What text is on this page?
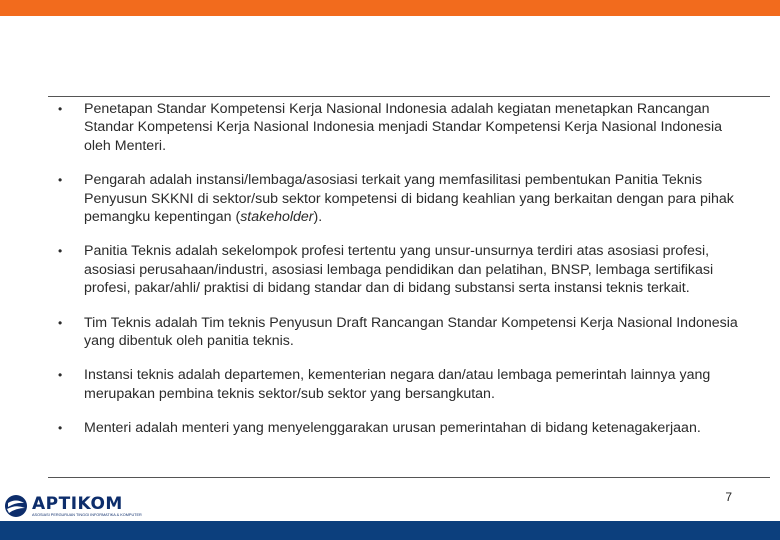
• Penetapan Standar Kompetensi Kerja Nasional Indonesia adalah kegiatan menetapkan Rancangan Standar Kompetensi Kerja Nasional Indonesia menjadi Standar Kompetensi Kerja Nasional Indonesia oleh Menteri.
• Pengarah adalah instansi/lembaga/asosiasi terkait yang memfasilitasi pembentukan Panitia Teknis Penyusun SKKNI di sektor/sub sektor kompetensi di bidang keahlian yang berkaitan dengan para pihak pemangku kepentingan (stakeholder).
• Panitia Teknis adalah sekelompok profesi tertentu yang unsur-unsurnya terdiri atas asosiasi profesi, asosiasi perusahaan/industri, asosiasi lembaga pendidikan dan pelatihan, BNSP, lembaga sertifikasi profesi, pakar/ahli/ praktisi di bidang standar dan di bidang substansi serta instansi teknis terkait.
• Tim Teknis adalah Tim teknis Penyusun Draft Rancangan Standar Kompetensi Kerja Nasional Indonesia yang dibentuk oleh panitia teknis.
• Instansi teknis adalah departemen, kementerian negara dan/atau lembaga pemerintah lainnya yang merupakan pembina teknis sektor/sub sektor yang bersangkutan.
• Menteri adalah menteri yang menyelenggarakan urusan pemerintahan di bidang ketenagakerjaan.
APTIKOM
ASOSIASI PERGURUAN TINGGI INFORMATIKA & KOMPUTER
7
